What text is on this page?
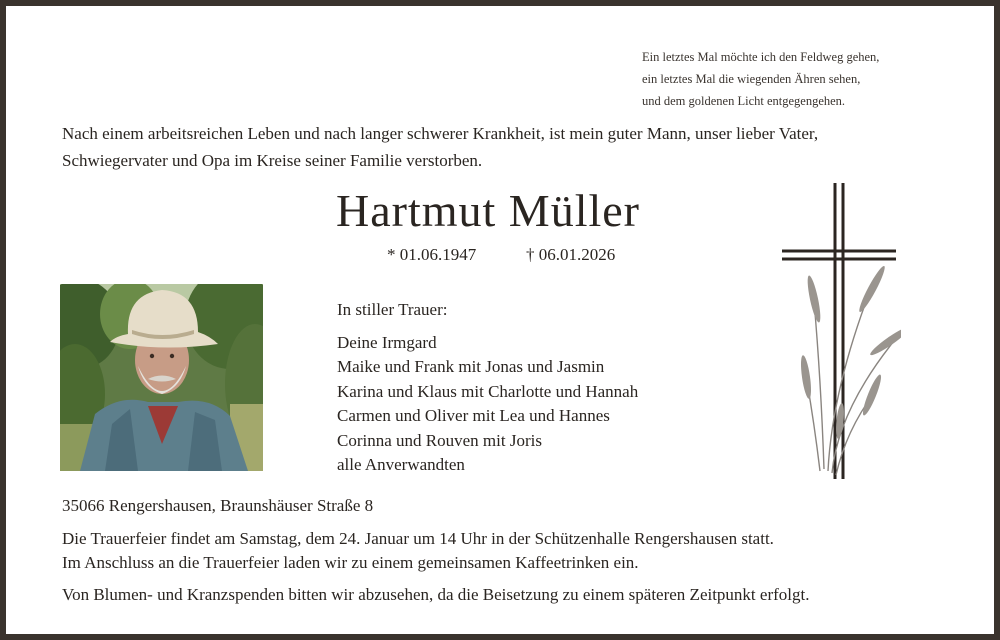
Ein letztes Mal möchte ich den Feldweg gehen,
ein letztes Mal die wiegenden Ähren sehen,
und dem goldenen Licht entgegengehen.
Nach einem arbeitsreichen Leben und nach langer schwerer Krankheit, ist mein guter Mann, unser lieber Vater,
Schwiegervater und Opa im Kreise seiner Familie verstorben.
Hartmut Müller
* 01.06.1947	† 06.01.2026
In stiller Trauer:
Deine Irmgard
Maike und Frank mit Jonas und Jasmin
Karina und Klaus mit Charlotte und Hannah
Carmen und Oliver mit Lea und Hannes
Corinna und Rouven mit Joris
alle Anverwandten
35066 Rengershausen, Braunshäuser Straße 8
Die Trauerfeier findet am Samstag, dem 24. Januar um 14 Uhr in der Schützenhalle Rengershausen statt.
Im Anschluss an die Trauerfeier laden wir zu einem gemeinsamen Kaffeetrinken ein.
Von Blumen- und Kranzspenden bitten wir abzusehen, da die Beisetzung zu einem späteren Zeitpunkt erfolgt.
